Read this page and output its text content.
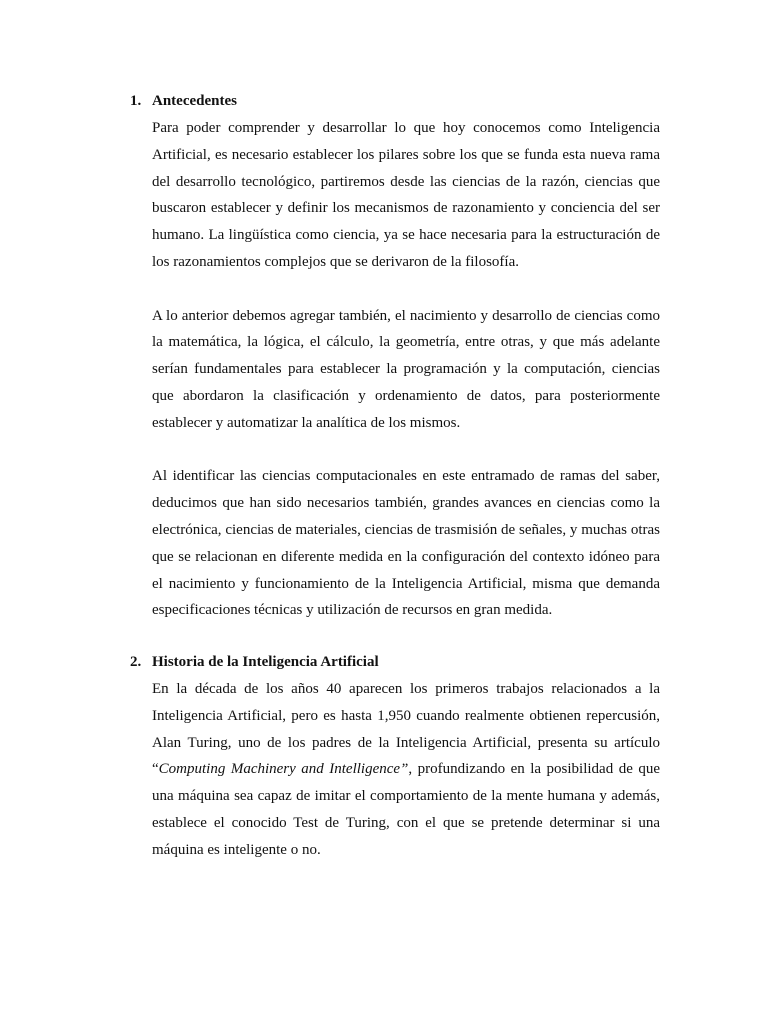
1. Antecedentes

Para poder comprender y desarrollar lo que hoy conocemos como Inteligencia Artificial, es necesario establecer los pilares sobre los que se funda esta nueva rama del desarrollo tecnológico, partiremos desde las ciencias de la razón, ciencias que buscaron establecer y definir los mecanismos de razonamiento y conciencia del ser humano. La lingüística como ciencia, ya se hace necesaria para la estructuración de los razonamientos complejos que se derivaron de la filosofía.

A lo anterior debemos agregar también, el nacimiento y desarrollo de ciencias como la matemática, la lógica, el cálculo, la geometría, entre otras, y que más adelante serían fundamentales para establecer la programación y la computación, ciencias que abordaron la clasificación y ordenamiento de datos, para posteriormente establecer y automatizar la analítica de los mismos.

Al identificar las ciencias computacionales en este entramado de ramas del saber, deducimos que han sido necesarios también, grandes avances en ciencias como la electrónica, ciencias de materiales, ciencias de trasmisión de señales, y muchas otras que se relacionan en diferente medida en la configuración del contexto idóneo para el nacimiento y funcionamiento de la Inteligencia Artificial, misma que demanda especificaciones técnicas y utilización de recursos en gran medida.

2. Historia de la Inteligencia Artificial

En la década de los años 40 aparecen los primeros trabajos relacionados a la Inteligencia Artificial, pero es hasta 1,950 cuando realmente obtienen repercusión, Alan Turing, uno de los padres de la Inteligencia Artificial, presenta su artículo “Computing Machinery and Intelligence”, profundizando en la posibilidad de que una máquina sea capaz de imitar el comportamiento de la mente humana y además, establece el conocido Test de Turing, con el que se pretende determinar si una máquina es inteligente o no.
